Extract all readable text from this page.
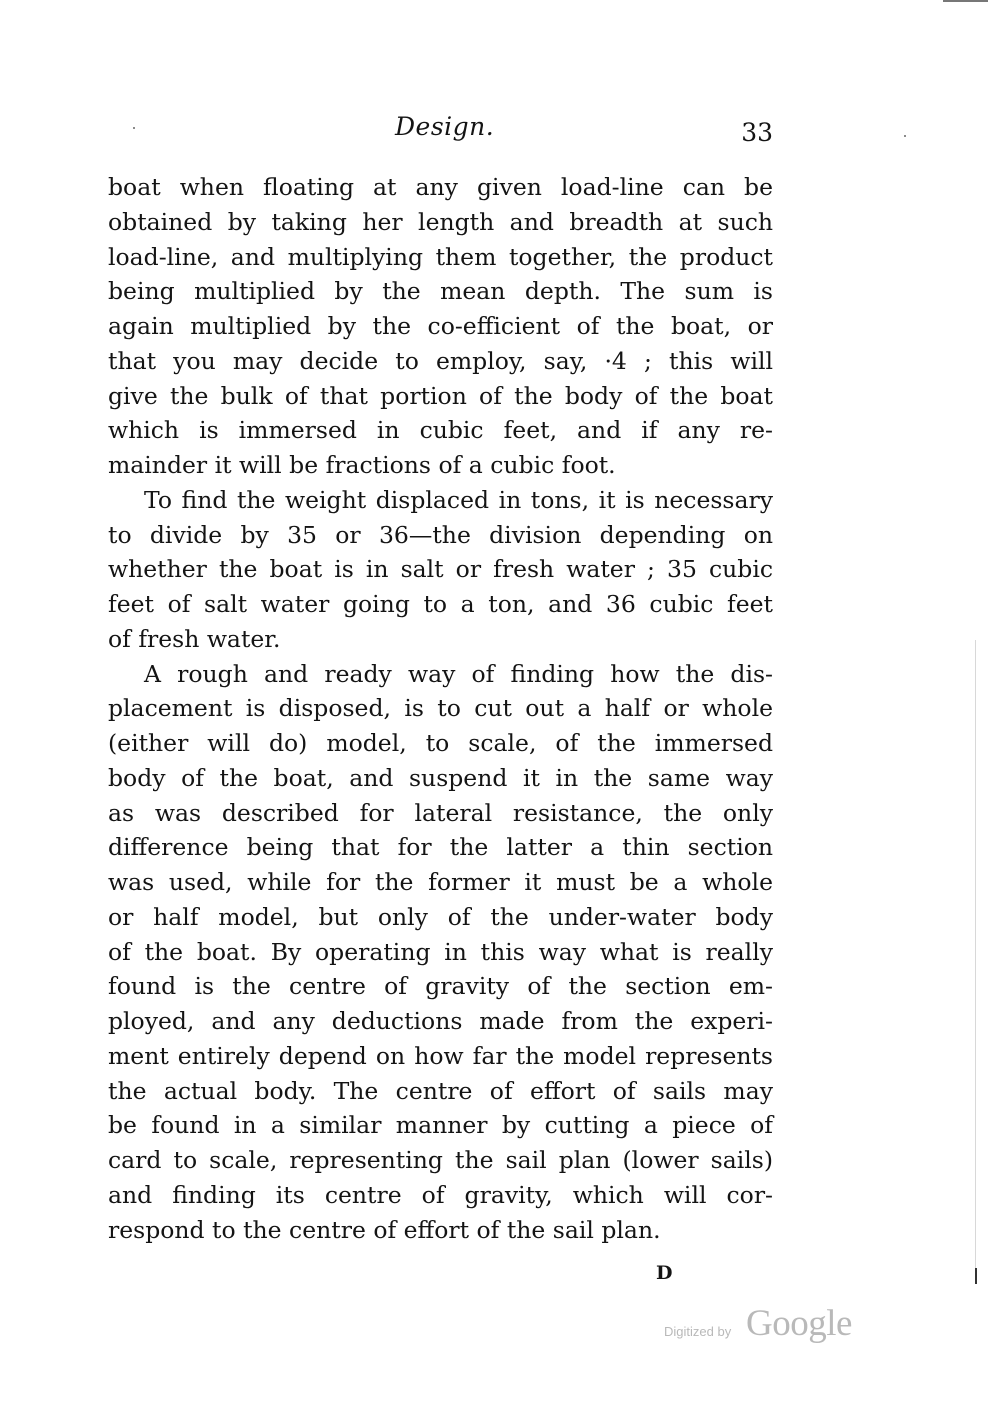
Design.	33
boat when floating at any given load-line can be
obtained by taking her length and breadth at such
load-line, and multiplying them together, the product
being multiplied by the mean depth. The sum is
again multiplied by the co-efficient of the boat, or
that you may decide to employ, say, ·4 ; this will
give the bulk of that portion of the body of the boat
which is immersed in cubic feet, and if any re-
mainder it will be fractions of a cubic foot.
To find the weight displaced in tons, it is necessary
to divide by 35 or 36—the division depending on
whether the boat is in salt or fresh water ; 35 cubic
feet of salt water going to a ton, and 36 cubic feet
of fresh water.
A rough and ready way of finding how the dis-
placement is disposed, is to cut out a half or whole
(either will do) model, to scale, of the immersed
body of the boat, and suspend it in the same way
as was described for lateral resistance, the only
difference being that for the latter a thin section
was used, while for the former it must be a whole
or half model, but only of the under-water body
of the boat. By operating in this way what is really
found is the centre of gravity of the section em-
ployed, and any deductions made from the experi-
ment entirely depend on how far the model represents
the actual body. The centre of effort of sails may
be found in a similar manner by cutting a piece of
card to scale, representing the sail plan (lower sails)
and finding its centre of gravity, which will cor-
respond to the centre of effort of the sail plan.
D
Digitized by Google
